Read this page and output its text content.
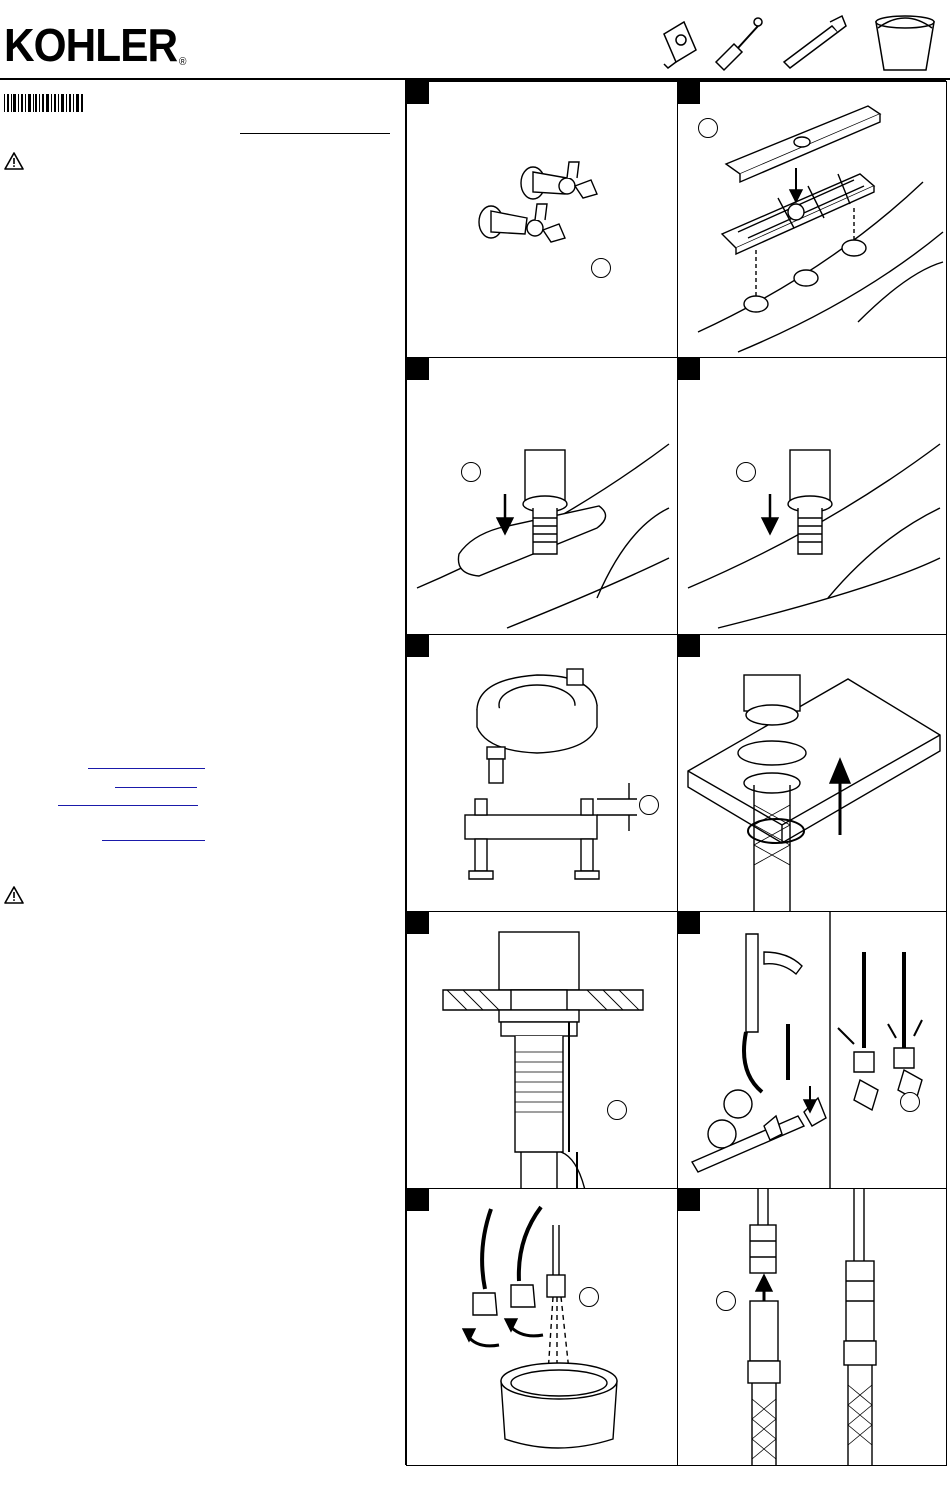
KOHLER ®
